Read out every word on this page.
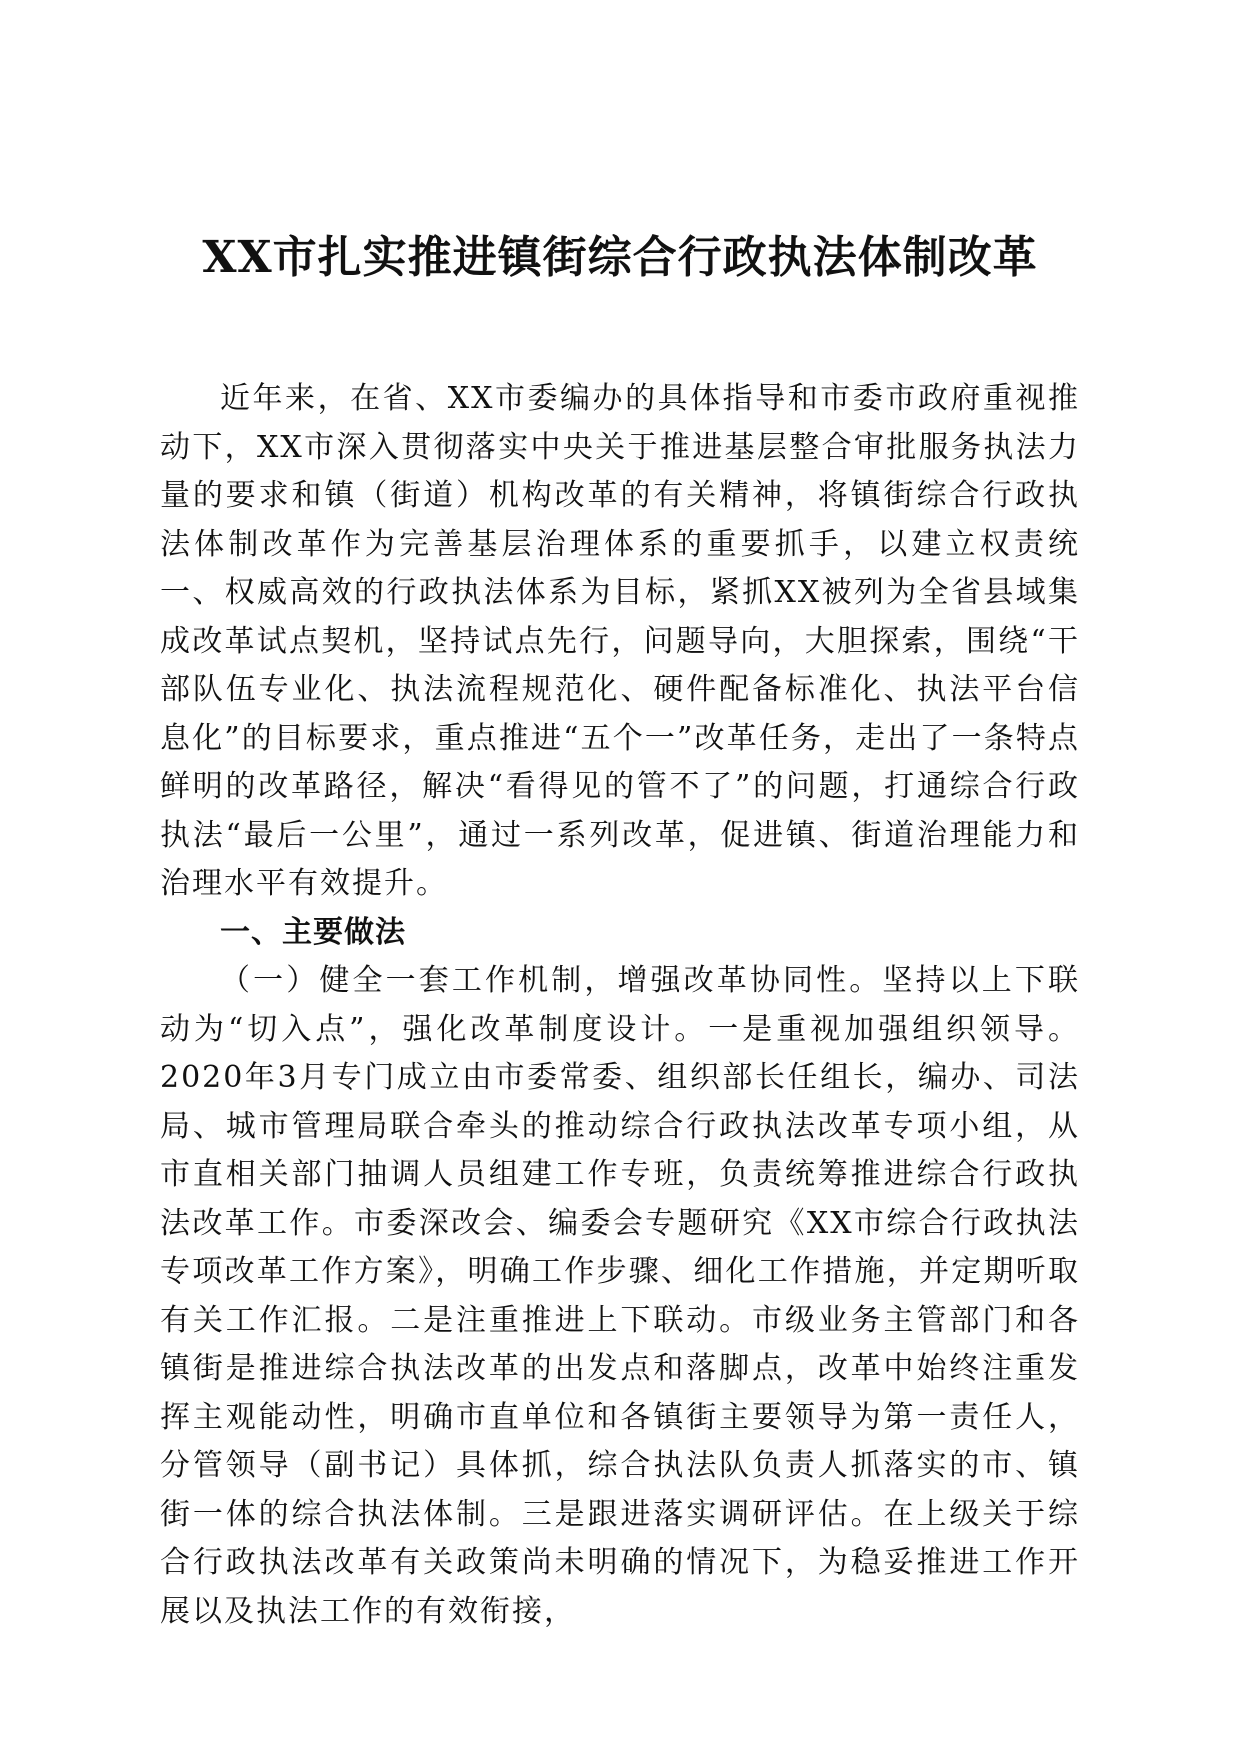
XX市扎实推进镇街综合行政执法体制改革

近年来，在省、XX市委编办的具体指导和市委市政府重视推动下，XX市深入贯彻落实中央关于推进基层整合审批服务执法力量的要求和镇（街道）机构改革的有关精神，将镇街综合行政执法体制改革作为完善基层治理体系的重要抓手，以建立权责统一、权威高效的行政执法体系为目标，紧抓XX被列为全省县域集成改革试点契机，坚持试点先行，问题导向，大胆探索，围绕“干部队伍专业化、执法流程规范化、硬件配备标准化、执法平台信息化”的目标要求，重点推进“五个一”改革任务，走出了一条特点鲜明的改革路径，解决“看得见的管不了”的问题，打通综合行政执法“最后一公里”，通过一系列改革，促进镇、街道治理能力和治理水平有效提升。

一、主要做法

（一）健全一套工作机制，增强改革协同性。坚持以上下联动为“切入点”，强化改革制度设计。一是重视加强组织领导。2020年3月专门成立由市委常委、组织部长任组长，编办、司法局、城市管理局联合牵头的推动综合行政执法改革专项小组，从市直相关部门抽调人员组建工作专班，负责统筹推进综合行政执法改革工作。市委深改会、编委会专题研究《XX市综合行政执法专项改革工作方案》，明确工作步骤、细化工作措施，并定期听取有关工作汇报。二是注重推进上下联动。市级业务主管部门和各镇街是推进综合执法改革的出发点和落脚点，改革中始终注重发挥主观能动性，明确市直单位和各镇街主要领导为第一责任人，分管领导（副书记）具体抓，综合执法队负责人抓落实的市、镇街一体的综合执法体制。三是跟进落实调研评估。在上级关于综合行政执法改革有关政策尚未明确的情况下，为稳妥推进工作开展以及执法工作的有效衔接，
